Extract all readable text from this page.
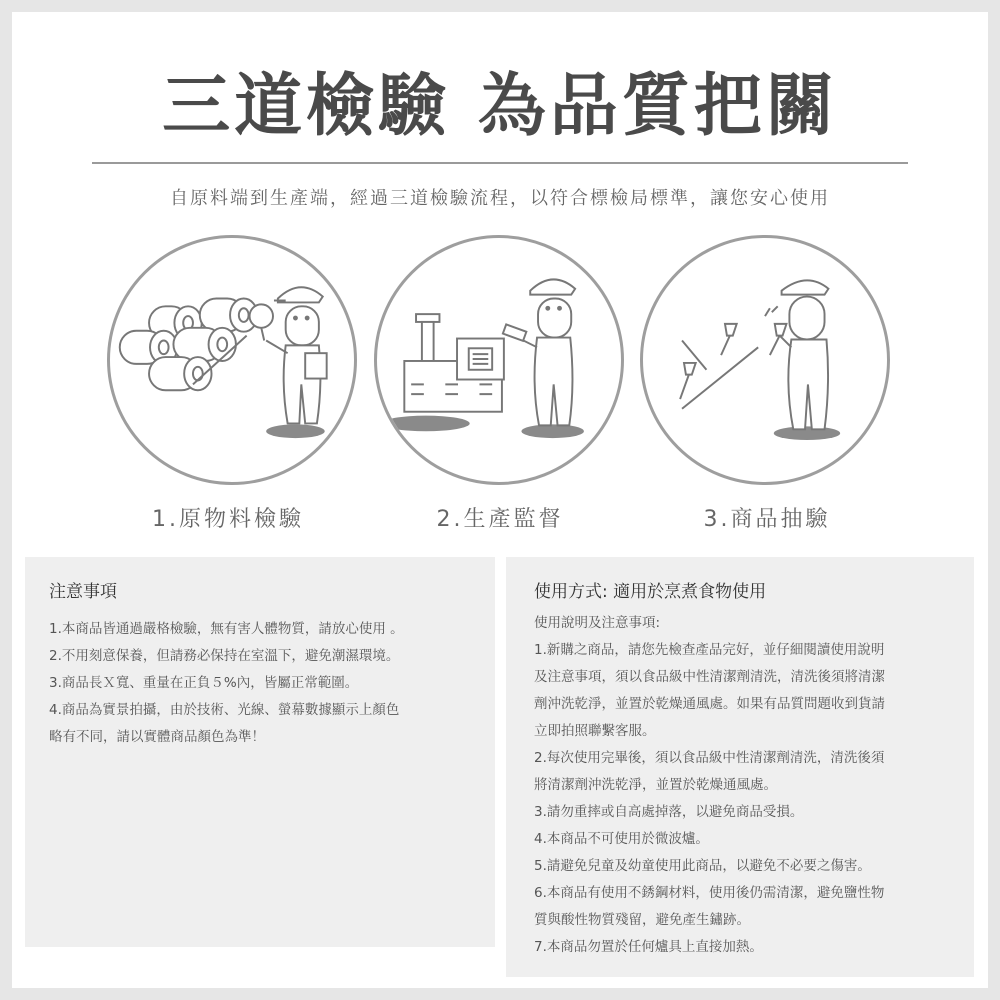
三道檢驗 為品質把關
自原料端到生產端，經過三道檢驗流程，以符合標檢局標準，讓您安心使用
1.原物料檢驗	2.生產監督	3.商品抽驗

注意事項

1.本商品皆通過嚴格檢驗，無有害人體物質，請放心使用 。

2.不用刻意保養，但請務必保持在室溫下，避免潮濕環境。

3.商品長Ｘ寬、重量在正負５%內，皆屬正常範圍。

4.商品為實景拍攝，由於技術、光線、螢幕數據顯示上顏色

略有不同，請以實體商品顏色為準！

使用方式: 適用於烹煮食物使用

使用說明及注意事項:

1.新購之商品，請您先檢查產品完好，並仔細閱讀使用說明

及注意事項，須以食品級中性清潔劑清洗，清洗後須將清潔

劑沖洗乾淨，並置於乾燥通風處。如果有品質問題收到貨請

立即拍照聯繫客服。

2.每次使用完畢後，須以食品級中性清潔劑清洗，清洗後須

將清潔劑沖洗乾淨，並置於乾燥通風處。

3.請勿重摔或自高處掉落，以避免商品受損。

4.本商品不可使用於微波爐。

5.請避免兒童及幼童使用此商品，以避免不必要之傷害。

6.本商品有使用不銹鋼材料，使用後仍需清潔，避免鹽性物

質與酸性物質殘留，避免產生鏽跡。

7.本商品勿置於任何爐具上直接加熱。
